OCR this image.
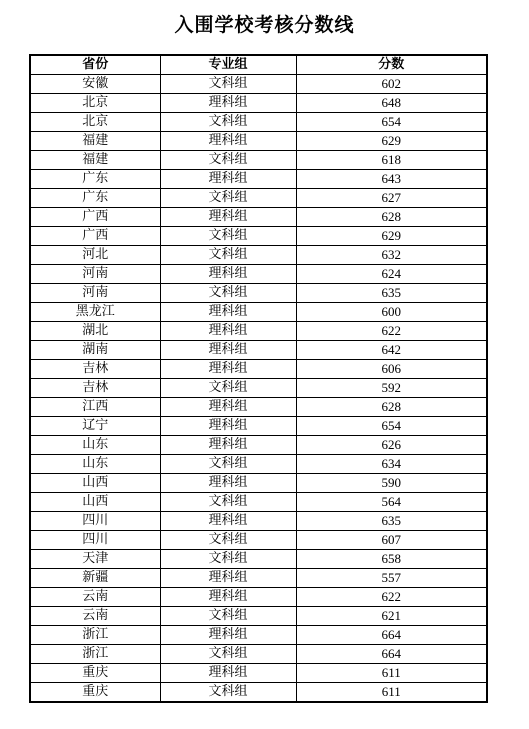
入围学校考核分数线
省份	专业组	分数
安徽	文科组	602
北京	理科组	648
北京	文科组	654
福建	理科组	629
福建	文科组	618
广东	理科组	643
广东	文科组	627
广西	理科组	628
广西	文科组	629
河北	文科组	632
河南	理科组	624
河南	文科组	635
黑龙江	理科组	600
湖北	理科组	622
湖南	理科组	642
吉林	理科组	606
吉林	文科组	592
江西	理科组	628
辽宁	理科组	654
山东	理科组	626
山东	文科组	634
山西	理科组	590
山西	文科组	564
四川	理科组	635
四川	文科组	607
天津	文科组	658
新疆	理科组	557
云南	理科组	622
云南	文科组	621
浙江	理科组	664
浙江	文科组	664
重庆	理科组	611
重庆	文科组	611
